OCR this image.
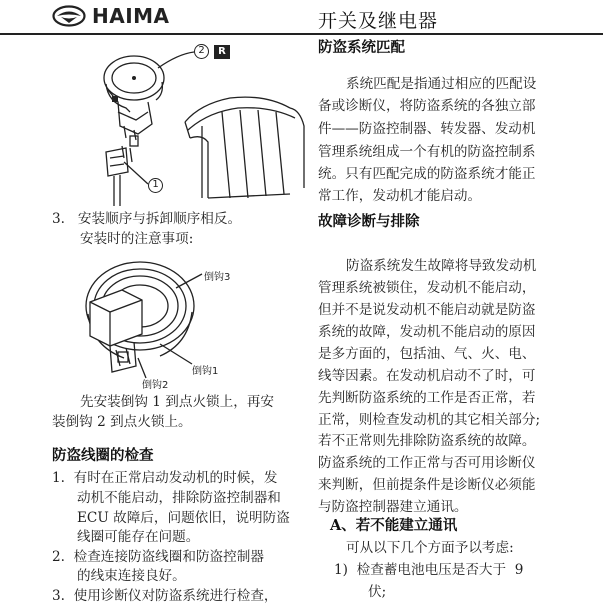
HAIMA	开关及继电器
2	R
1
3.   安装顺序与拆卸顺序相反。
安装时的注意事项:
倒钩3
倒钩1
倒钩2
先安装倒钩 1 到点火锁上，再安
装倒钩 2 到点火锁上。
防盗线圈的检查
1.  有时在正常启动发动机的时候，发
动机不能启动，排除防盗控制器和
ECU 故障后，问题依旧，说明防盗
线圈可能存在问题。
2.  检查连接防盗线圈和防盗控制器
的线束连接良好。
3.  使用诊断仪对防盗系统进行检查，
防盗系统匹配
系统匹配是指通过相应的匹配设
备或诊断仪，将防盗系统的各独立部
件——防盗控制器、转发器、发动机
管理系统组成一个有机的防盗控制系
统。只有匹配完成的防盗系统才能正
常工作，发动机才能启动。
故障诊断与排除
防盗系统发生故障将导致发动机
管理系统被锁住，发动机不能启动，
但并不是说发动机不能启动就是防盗
系统的故障，发动机不能启动的原因
是多方面的，包括油、气、火、电、
线等因素。在发动机启动不了时，可
先判断防盗系统的工作是否正常，若
正常，则检查发动机的其它相关部分;
若不正常则先排除防盗系统的故障。
防盗系统的工作正常与否可用诊断仪
来判断，但前提条件是诊断仪必须能
与防盗控制器建立通讯。
A、若不能建立通讯
可从以下几个方面予以考虑:
1)  检查蓄电池电压是否大于  9
伏;
